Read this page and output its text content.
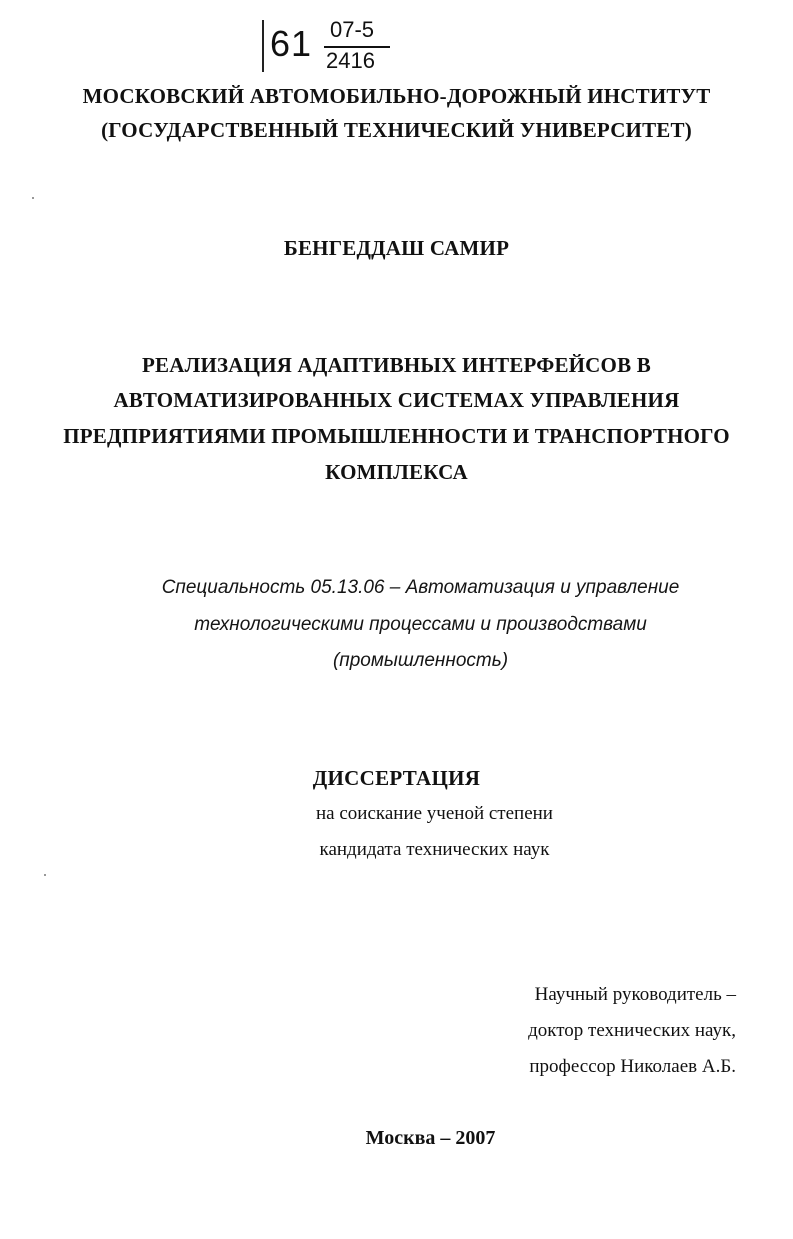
61 07-5
2416
МОСКОВСКИЙ АВТОМОБИЛЬНО-ДОРОЖНЫЙ ИНСТИТУТ
(ГОСУДАРСТВЕННЫЙ ТЕХНИЧЕСКИЙ УНИВЕРСИТЕТ)
БЕНГЕДДАШ САМИР
РЕАЛИЗАЦИЯ АДАПТИВНЫХ ИНТЕРФЕЙСОВ В
АВТОМАТИЗИРОВАННЫХ СИСТЕМАХ УПРАВЛЕНИЯ
ПРЕДПРИЯТИЯМИ ПРОМЫШЛЕННОСТИ И ТРАНСПОРТНОГО
КОМПЛЕКСА
Специальность 05.13.06 – Автоматизация и управление
технологическими процессами и производствами
(промышленность)
ДИССЕРТАЦИЯ
на соискание ученой степени
кандидата технических наук
Научный руководитель –
доктор технических наук,
профессор Николаев А.Б.
Москва – 2007
